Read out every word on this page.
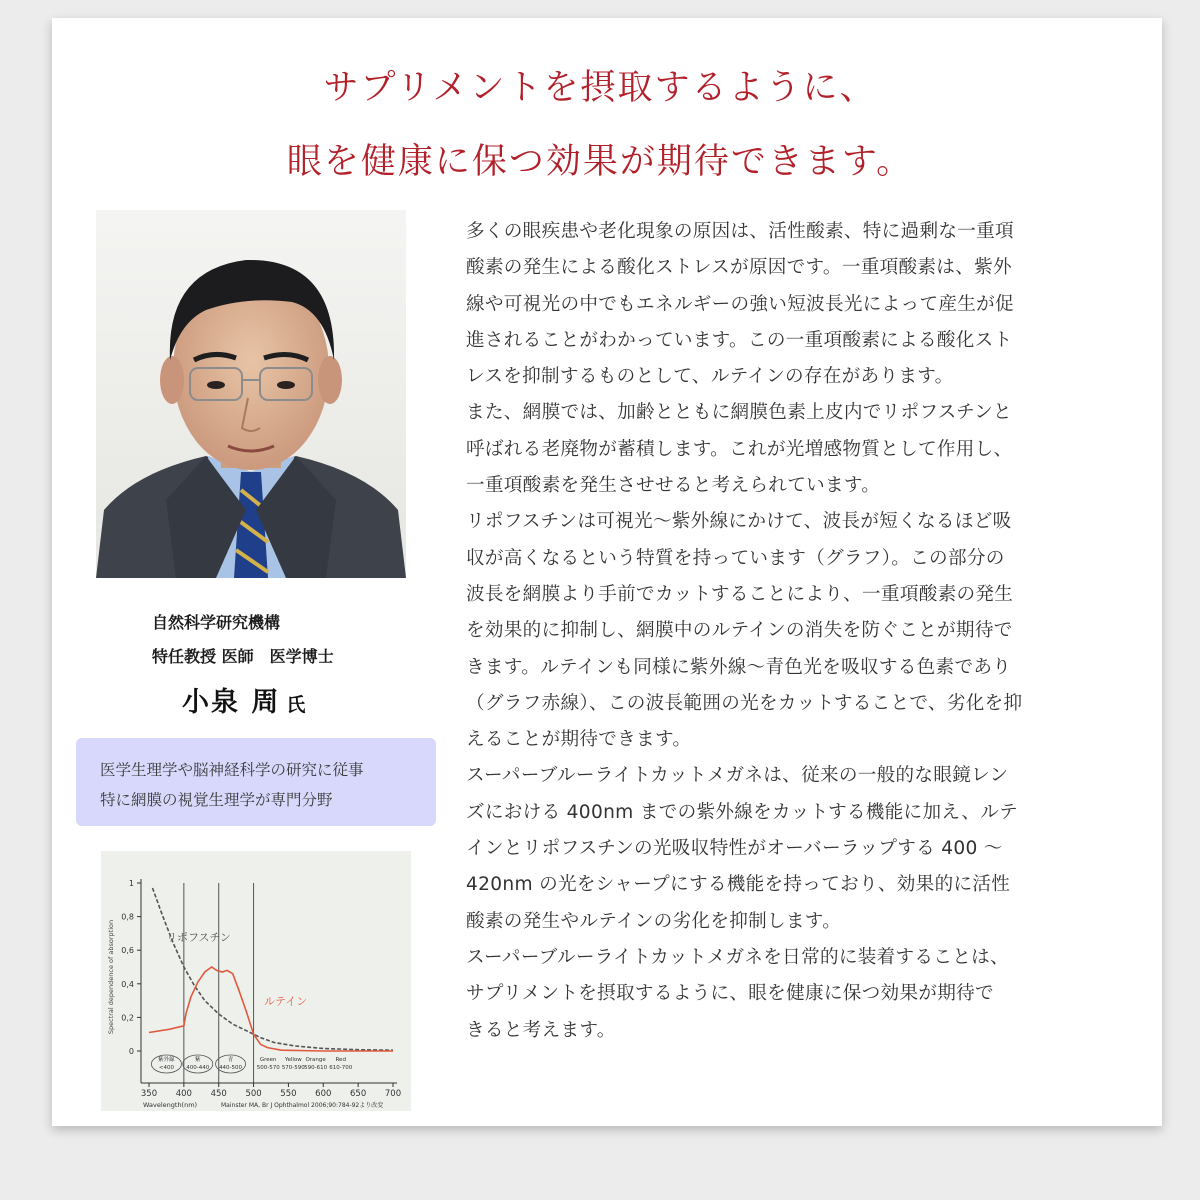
サプリメントを摂取するように、
眼を健康に保つ効果が期待できます。
自然科学研究機構
特任教授 医師　医学博士
小泉 周 氏
医学生理学や脳神経科学の研究に従事
特に網膜の視覚生理学が専門分野
0
0,2
0,4
0,6
0,8
1
350 400 450 500 550 600 650 700
Spectral dependence of absorption
Wavelength(nm)	Mainster MA, Br J Ophthalmol 2006;90:784-92より改変
リポフスチン
ルテイン
紫外線
<400
紫
400-440
青
440-500
Green
500-570
Yellow
570-590
Orange
590-610
Red
610-700
多くの眼疾患や老化現象の原因は、活性酸素、特に過剰な一重項
酸素の発生による酸化ストレスが原因です。一重項酸素は、紫外
線や可視光の中でもエネルギーの強い短波長光によって産生が促
進されることがわかっています。この一重項酸素による酸化スト
レスを抑制するものとして、ルテインの存在があります。
また、網膜では、加齢とともに網膜色素上皮内でリポフスチンと
呼ばれる老廃物が蓄積します。これが光増感物質として作用し、
一重項酸素を発生させせると考えられています。
リポフスチンは可視光～紫外線にかけて、波長が短くなるほど吸
収が高くなるという特質を持っています（グラフ）。この部分の
波長を網膜より手前でカットすることにより、一重項酸素の発生
を効果的に抑制し、網膜中のルテインの消失を防ぐことが期待で
きます。ルテインも同様に紫外線～青色光を吸収する色素であり
（グラフ赤線）、この波長範囲の光をカットすることで、劣化を抑
えることが期待できます。
スーパーブルーライトカットメガネは、従来の一般的な眼鏡レン
ズにおける 400nm までの紫外線をカットする機能に加え、ルテ
インとリポフスチンの光吸収特性がオーバーラップする 400 ～
420nm の光をシャープにする機能を持っており、効果的に活性
酸素の発生やルテインの劣化を抑制します。
スーパーブルーライトカットメガネを日常的に装着することは、
サプリメントを摂取するように、眼を健康に保つ効果が期待で
きると考えます。
